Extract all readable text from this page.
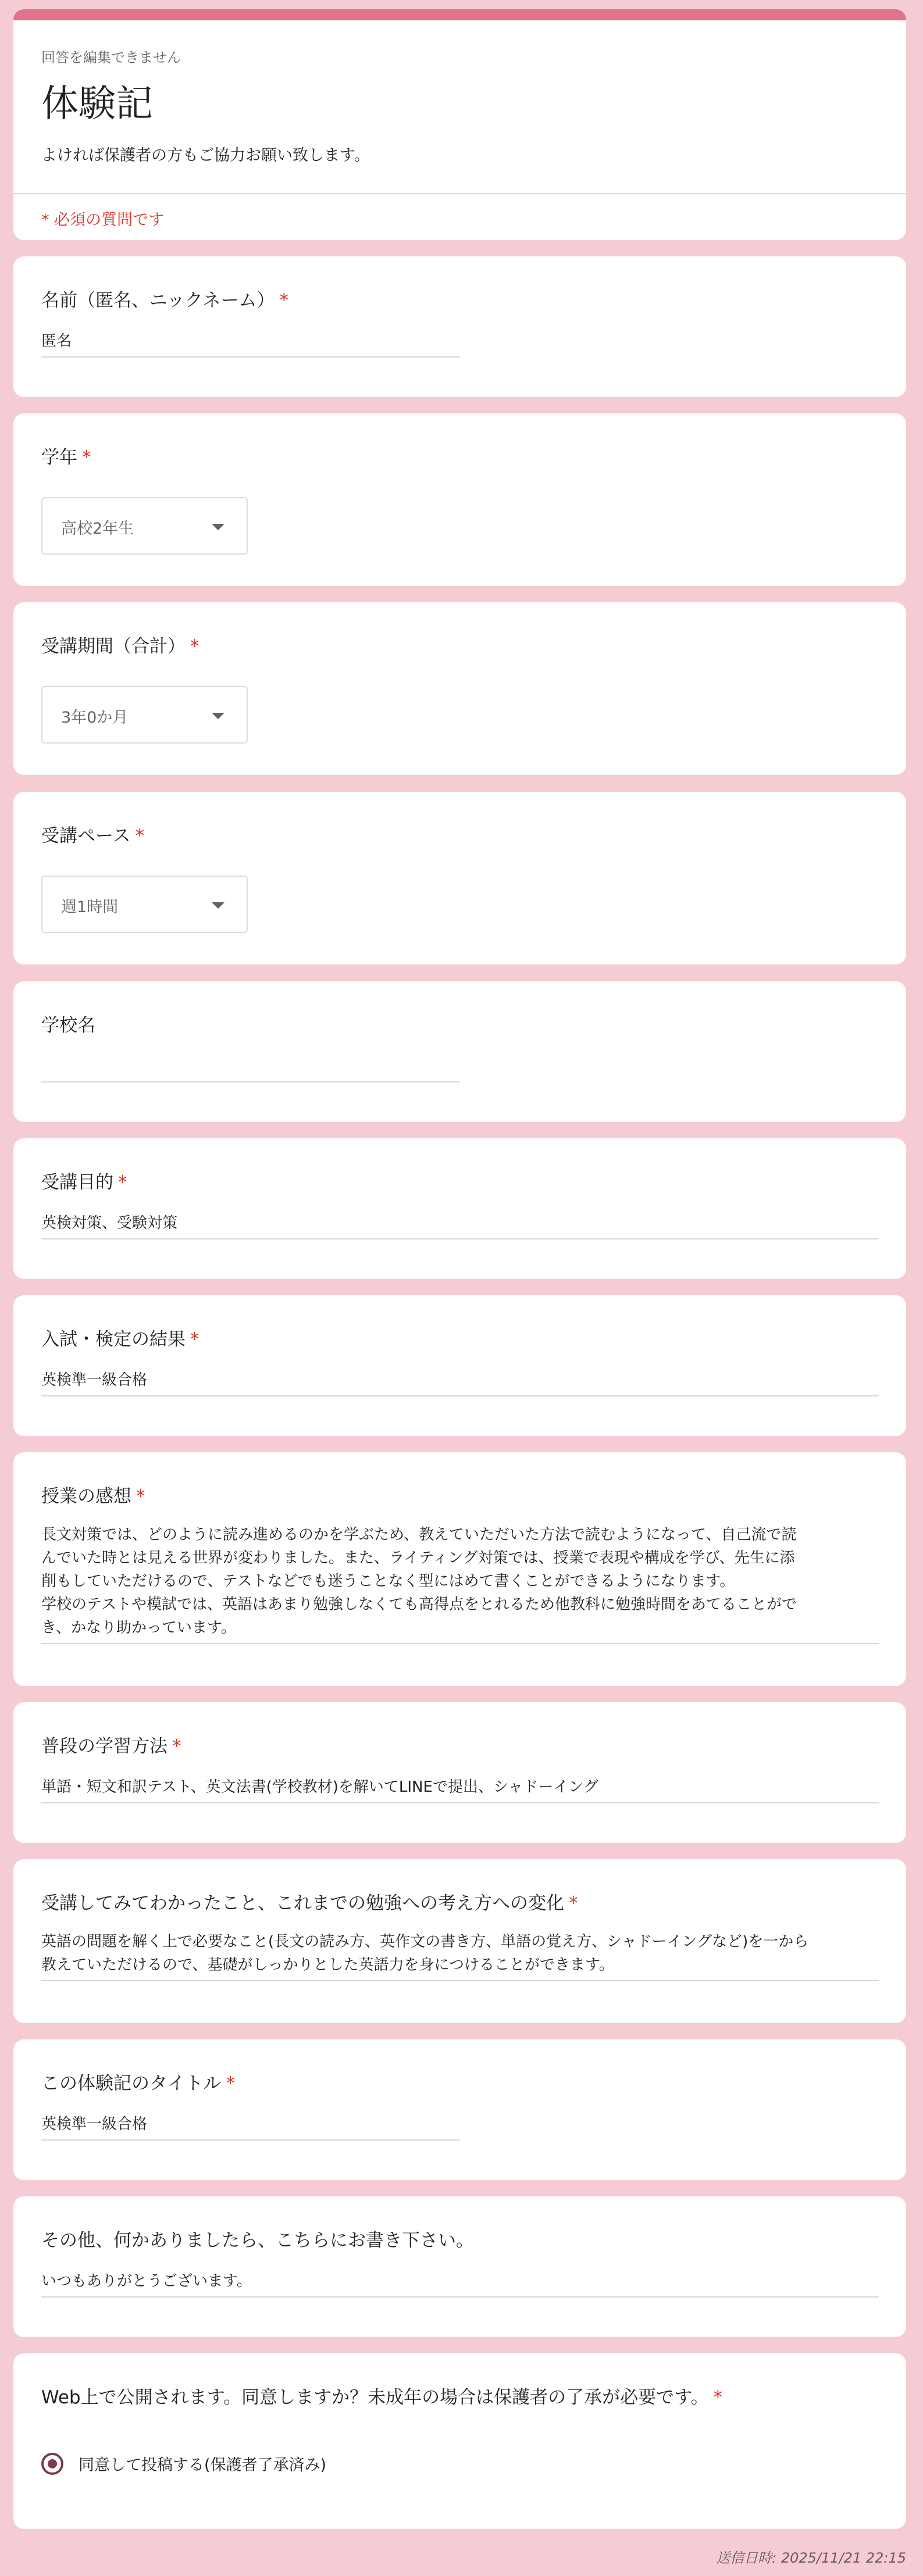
回答を編集できません
体験記
よければ保護者の方もご協力お願い致します。
* 必須の質問です
名前（匿名、ニックネーム） *
匿名
学年 *
高校2年生
受講期間（合計） *
3年0か月
受講ペース *
週1時間
学校名
受講目的 *
英検対策、受験対策
入試・検定の結果 *
英検準一級合格
授業の感想 *
長文対策では、どのように読み進めるのかを学ぶため、教えていただいた方法で読むようになって、自己流で読
んでいた時とは見える世界が変わりました。また、ライティング対策では、授業で表現や構成を学び、先生に添
削もしていただけるので、テストなどでも迷うことなく型にはめて書くことができるようになります。
学校のテストや模試では、英語はあまり勉強しなくても高得点をとれるため他教科に勉強時間をあてることがで
き、かなり助かっています。
普段の学習方法 *
単語・短文和訳テスト、英文法書(学校教材)を解いてLINEで提出、シャドーイング
受講してみてわかったこと、これまでの勉強への考え方への変化 *
英語の問題を解く上で必要なこと(長文の読み方、英作文の書き方、単語の覚え方、シャドーイングなど)を一から
教えていただけるので、基礎がしっかりとした英語力を身につけることができます。
この体験記のタイトル *
英検準一級合格
その他、何かありましたら、こちらにお書き下さい。
いつもありがとうございます。
Web上で公開されます。同意しますか？未成年の場合は保護者の了承が必要です。 *
同意して投稿する(保護者了承済み)
送信日時: 2025/11/21 22:15
